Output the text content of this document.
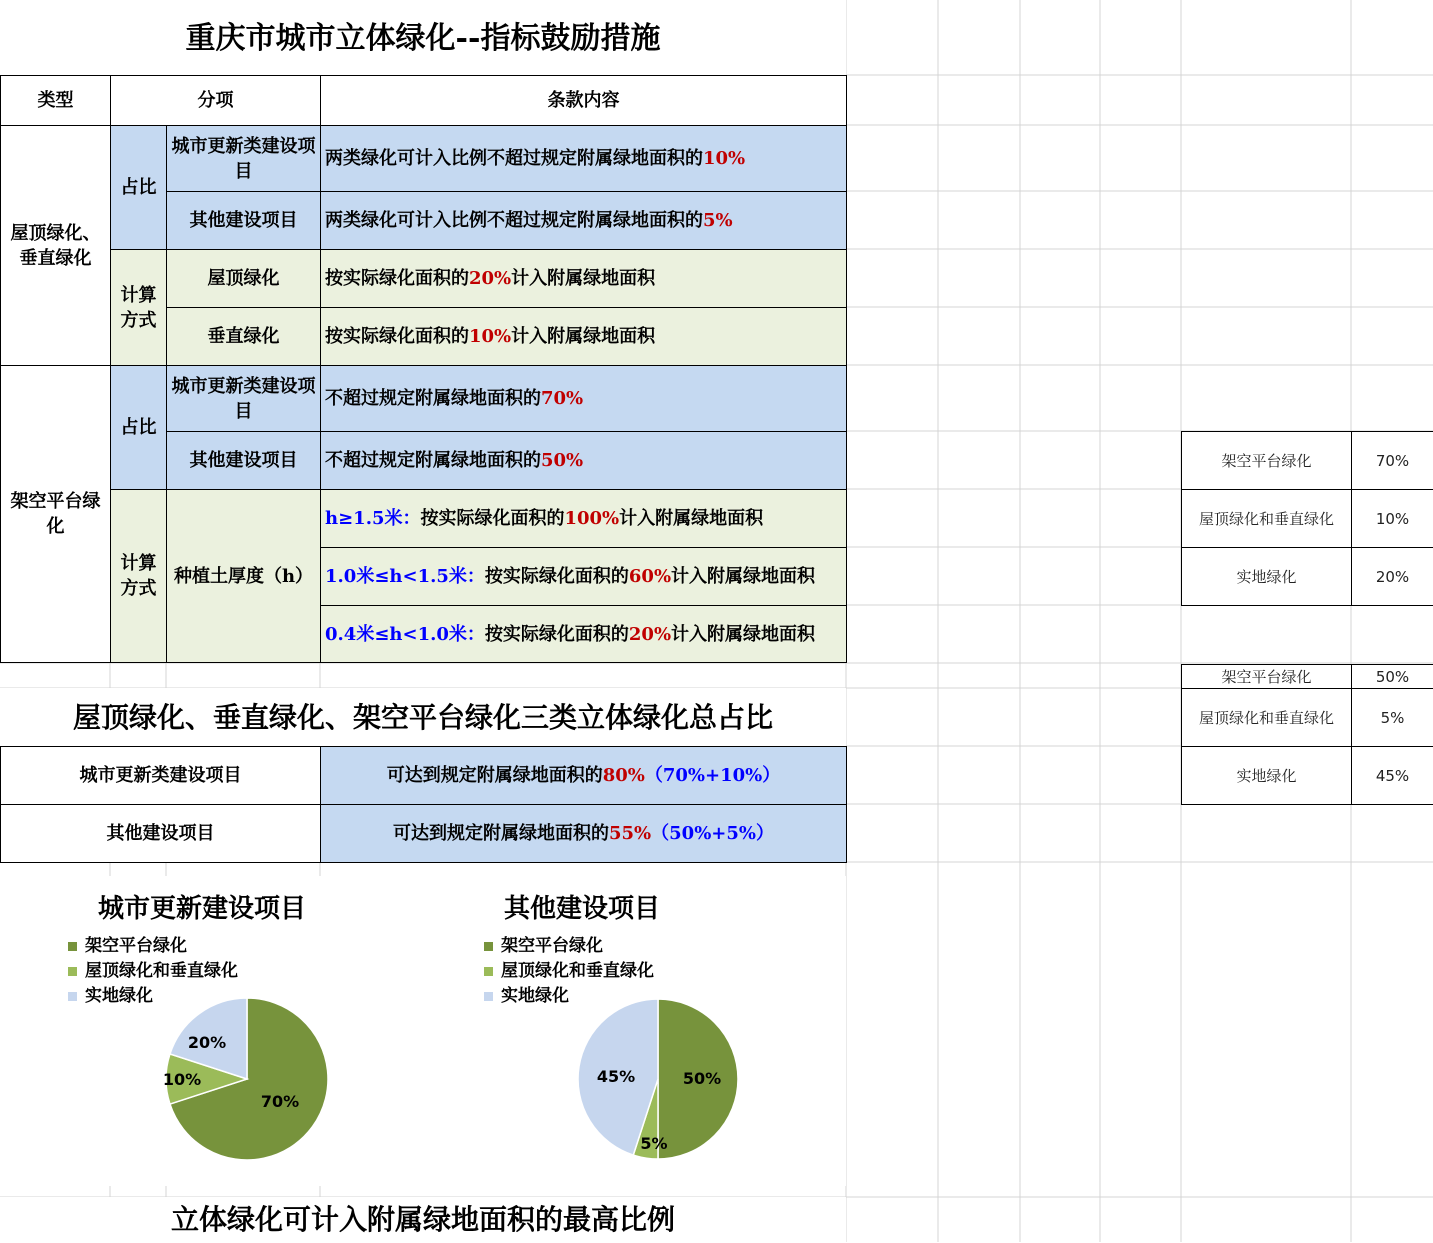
重庆市城市立体绿化--指标鼓励措施
类型	分项		条款内容
屋顶绿化、垂直绿化	占比	城市更新类建设项目	两类绿化可计入比例不超过规定附属绿地面积的10%
		其他建设项目	两类绿化可计入比例不超过规定附属绿地面积的5%
	计算方式	屋顶绿化	按实际绿化面积的20%计入附属绿地面积
		垂直绿化	按实际绿化面积的10%计入附属绿地面积
架空平台绿化	占比	城市更新类建设项目	不超过规定附属绿地面积的70%
		其他建设项目	不超过规定附属绿地面积的50%
	计算方式	种植土厚度（h）	h≥1.5米：按实际绿化面积的100%计入附属绿地面积
			1.0米≤h<1.5米：按实际绿化面积的60%计入附属绿地面积
			0.4米≤h<1.0米：按实际绿化面积的20%计入附属绿地面积
屋顶绿化、垂直绿化、架空平台绿化三类立体绿化总占比
城市更新类建设项目	可达到规定附属绿地面积的80%（70%+10%）
其他建设项目	可达到规定附属绿地面积的55%（50%+5%）
架空平台绿化	70%
屋顶绿化和垂直绿化	10%
实地绿化	20%
架空平台绿化	50%
屋顶绿化和垂直绿化	5%
实地绿化	45%
城市更新建设项目
架空平台绿化
屋顶绿化和垂直绿化
实地绿化
70%
10%
20%
其他建设项目
架空平台绿化
屋顶绿化和垂直绿化
实地绿化
50%
5%
45%
立体绿化可计入附属绿地面积的最高比例
